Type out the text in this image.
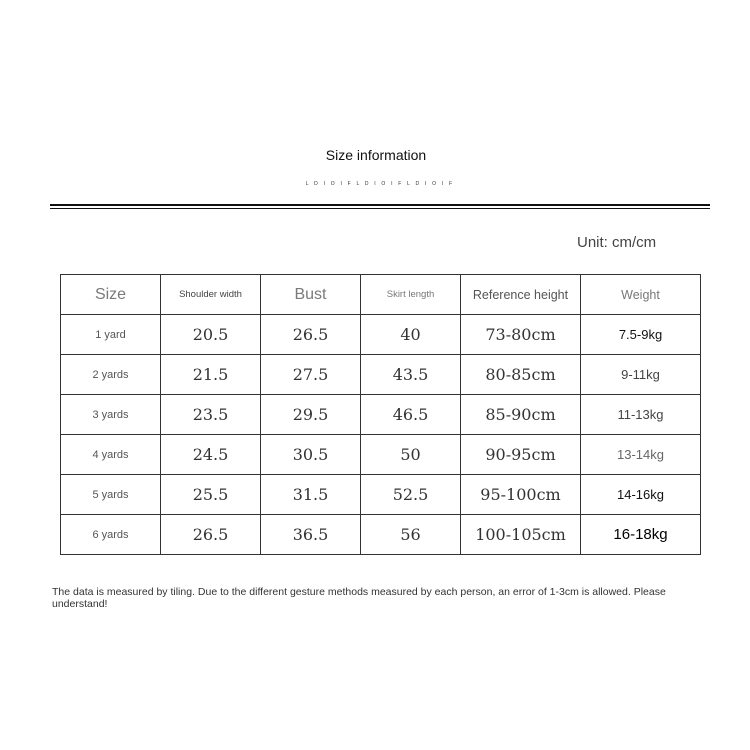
Size information
L D I O I F L D I O I F L D I O I F
Unit: cm/cm
Size	Shoulder width	Bust	Skirt length	Reference height	Weight
1 yard	20.5	26.5	40	73-80cm	7.5-9kg
2 yards	21.5	27.5	43.5	80-85cm	9-11kg
3 yards	23.5	29.5	46.5	85-90cm	11-13kg
4 yards	24.5	30.5	50	90-95cm	13-14kg
5 yards	25.5	31.5	52.5	95-100cm	14-16kg
6 yards	26.5	36.5	56	100-105cm	16-18kg
The data is measured by tiling. Due to the different gesture methods measured by each person, an error of 1-3cm is allowed. Please understand!
